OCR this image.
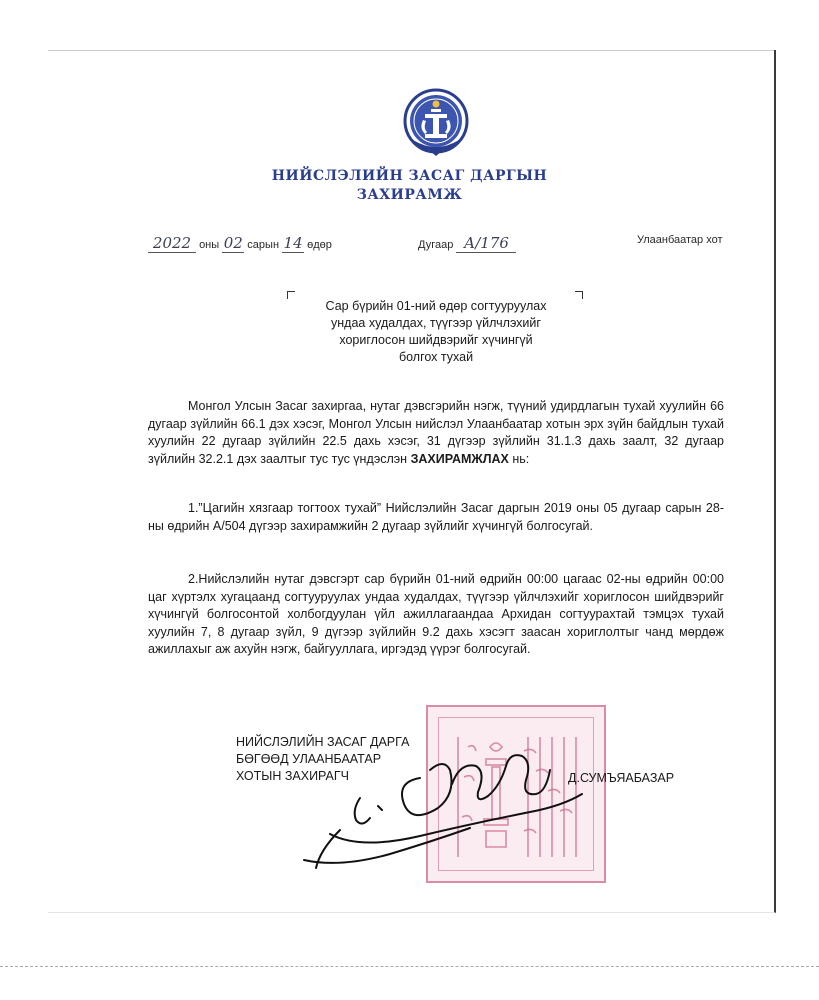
НИЙСЛЭЛИЙН ЗАСАГ ДАРГЫН
ЗАХИРАМЖ
2022 оны 02 сарын 14 өдөр	Дугаар А/176	Улаанбаатар хот
Сар бүрийн 01-ний өдөр согтууруулах
ундаа худалдах, түүгээр үйлчлэхийг
хориглосон шийдвэрийг хүчингүй
болгох тухай

Монгол Улсын Засаг захиргаа, нутаг дэвсгэрийн нэгж, түүний удирдлагын тухай хуулийн 66 дугаар зүйлийн 66.1 дэх хэсэг, Монгол Улсын нийслэл Улаанбаатар хотын эрх зүйн байдлын тухай хуулийн 22 дугаар зүйлийн 22.5 дахь хэсэг, 31 дүгээр зүйлийн 31.1.3 дахь заалт, 32 дугаар зүйлийн 32.2.1 дэх заалтыг тус тус үндэслэн ЗАХИРАМЖЛАХ нь:

1.”Цагийн хязгаар тогтоох тухай” Нийслэлийн Засаг даргын 2019 оны 05 дугаар сарын 28-ны өдрийн А/504 дүгээр захирамжийн 2 дугаар зүйлийг хүчингүй болгосугай.

2.Нийслэлийн нутаг дэвсгэрт сар бүрийн 01-ний өдрийн 00:00 цагаас 02-ны өдрийн 00:00 цаг хүртэлх хугацаанд согтууруулах ундаа худалдах, түүгээр үйлчлэхийг хориглосон шийдвэрийг хүчингүй болгосонтой холбогдуулан үйл ажиллагаандаа Архидан согтуурахтай тэмцэх тухай хуулийн 7, 8 дугаар зүйл, 9 дүгээр зүйлийн 9.2 дахь хэсэгт заасан хориглолтыг чанд мөрдөж ажиллахыг аж ахуйн нэгж, байгууллага, иргэдэд үүрэг болгосугай.

НИЙСЛЭЛИЙН ЗАСАГ ДАРГА
БӨГӨӨД УЛААНБААТАР
ХОТЫН ЗАХИРАГЧ	Д.СУМЪЯАБАЗАР
